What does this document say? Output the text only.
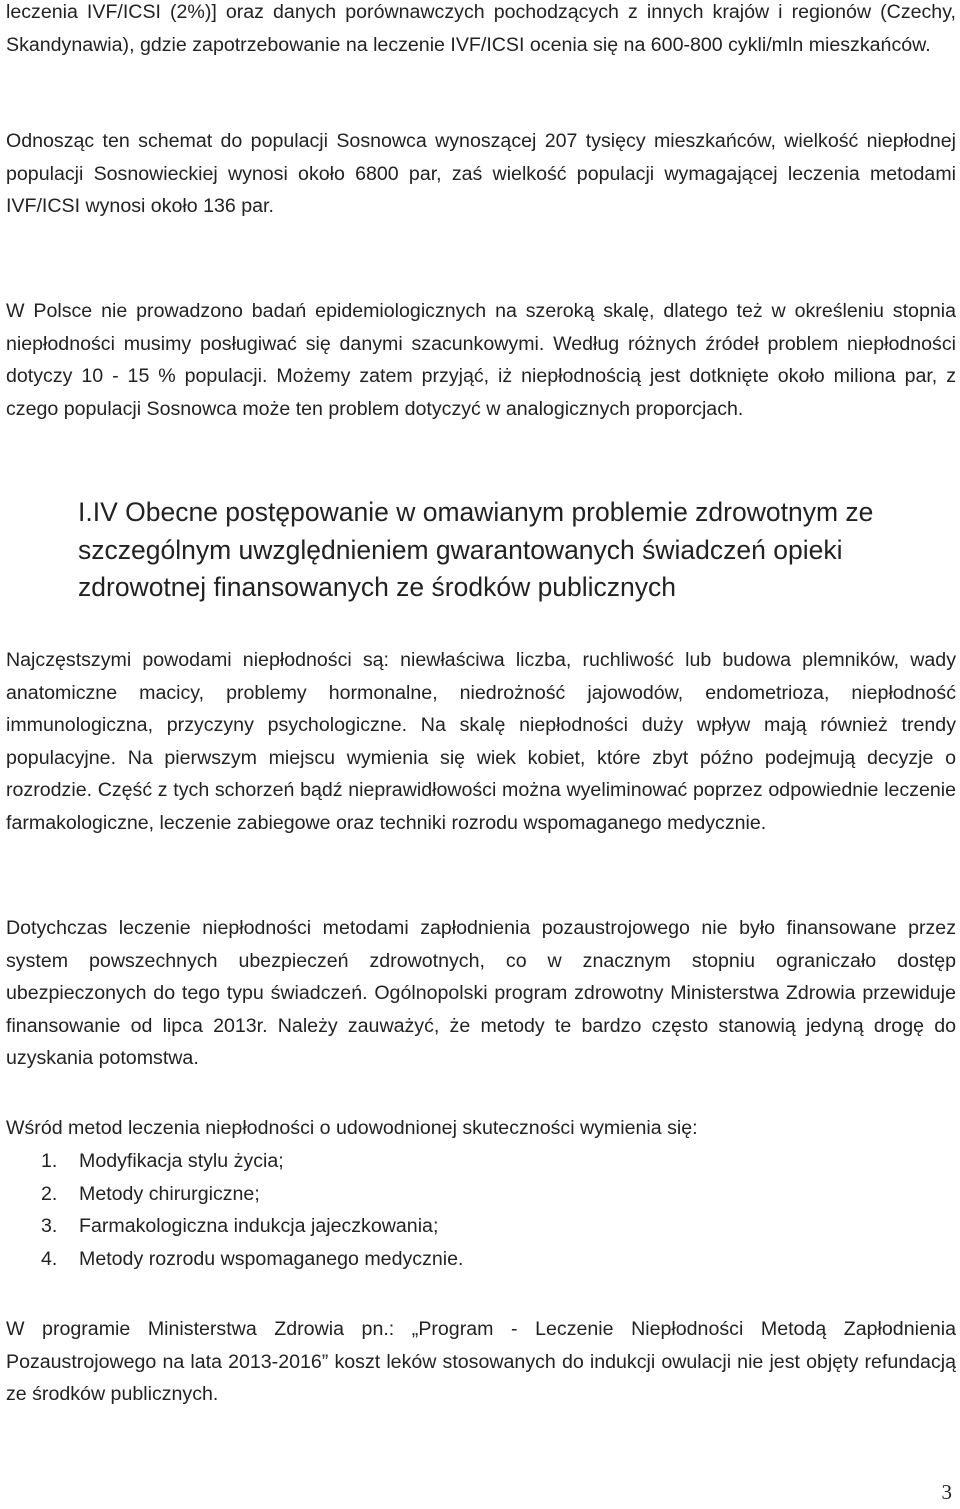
leczenia IVF/ICSI (2%)] oraz danych porównawczych pochodzących z innych krajów i regionów (Czechy, Skandynawia), gdzie zapotrzebowanie na leczenie IVF/ICSI ocenia się na 600-800 cykli/mln mieszkańców.

Odnosząc ten schemat do populacji Sosnowca wynoszącej 207 tysięcy mieszkańców, wielkość niepłodnej populacji Sosnowieckiej wynosi około 6800 par, zaś wielkość populacji wymagającej leczenia metodami IVF/ICSI wynosi około 136 par.

W Polsce nie prowadzono badań epidemiologicznych na szeroką skalę, dlatego też w określeniu stopnia niepłodności musimy posługiwać się danymi szacunkowymi. Według różnych źródeł problem niepłodności dotyczy 10 - 15 % populacji. Możemy zatem przyjąć, iż niepłodnością jest dotknięte około miliona par, z czego populacji Sosnowca może ten problem dotyczyć w analogicznych proporcjach.

I.IV Obecne postępowanie w omawianym problemie zdrowotnym ze szczególnym uwzględnieniem gwarantowanych świadczeń opieki zdrowotnej finansowanych ze środków publicznych

Najczęstszymi powodami niepłodności są: niewłaściwa liczba, ruchliwość lub budowa plemników, wady anatomiczne macicy, problemy hormonalne, niedrożność jajowodów, endometrioza, niepłodność immunologiczna, przyczyny psychologiczne. Na skalę niepłodności duży wpływ mają również trendy populacyjne. Na pierwszym miejscu wymienia się wiek kobiet, które zbyt późno podejmują decyzje o rozrodzie. Część z tych schorzeń bądź nieprawidłowości można wyeliminować poprzez odpowiednie leczenie farmakologiczne, leczenie zabiegowe oraz techniki rozrodu wspomaganego medycznie.

Dotychczas leczenie niepłodności metodami zapłodnienia pozaustrojowego nie było finansowane przez system powszechnych ubezpieczeń zdrowotnych, co w znacznym stopniu ograniczało dostęp ubezpieczonych do tego typu świadczeń. Ogólnopolski program zdrowotny Ministerstwa Zdrowia przewiduje finansowanie od lipca 2013r. Należy zauważyć, że metody te bardzo często stanowią jedyną drogę do uzyskania potomstwa.

Wśród metod leczenia niepłodności o udowodnionej skuteczności wymienia się:

1. Modyfikacja stylu życia;
2. Metody chirurgiczne;
3. Farmakologiczna indukcja jajeczkowania;
4. Metody rozrodu wspomaganego medycznie.

W programie Ministerstwa Zdrowia pn.: „Program - Leczenie Niepłodności Metodą Zapłodnienia Pozaustrojowego na lata 2013-2016” koszt leków stosowanych do indukcji owulacji nie jest objęty refundacją ze środków publicznych.

3
